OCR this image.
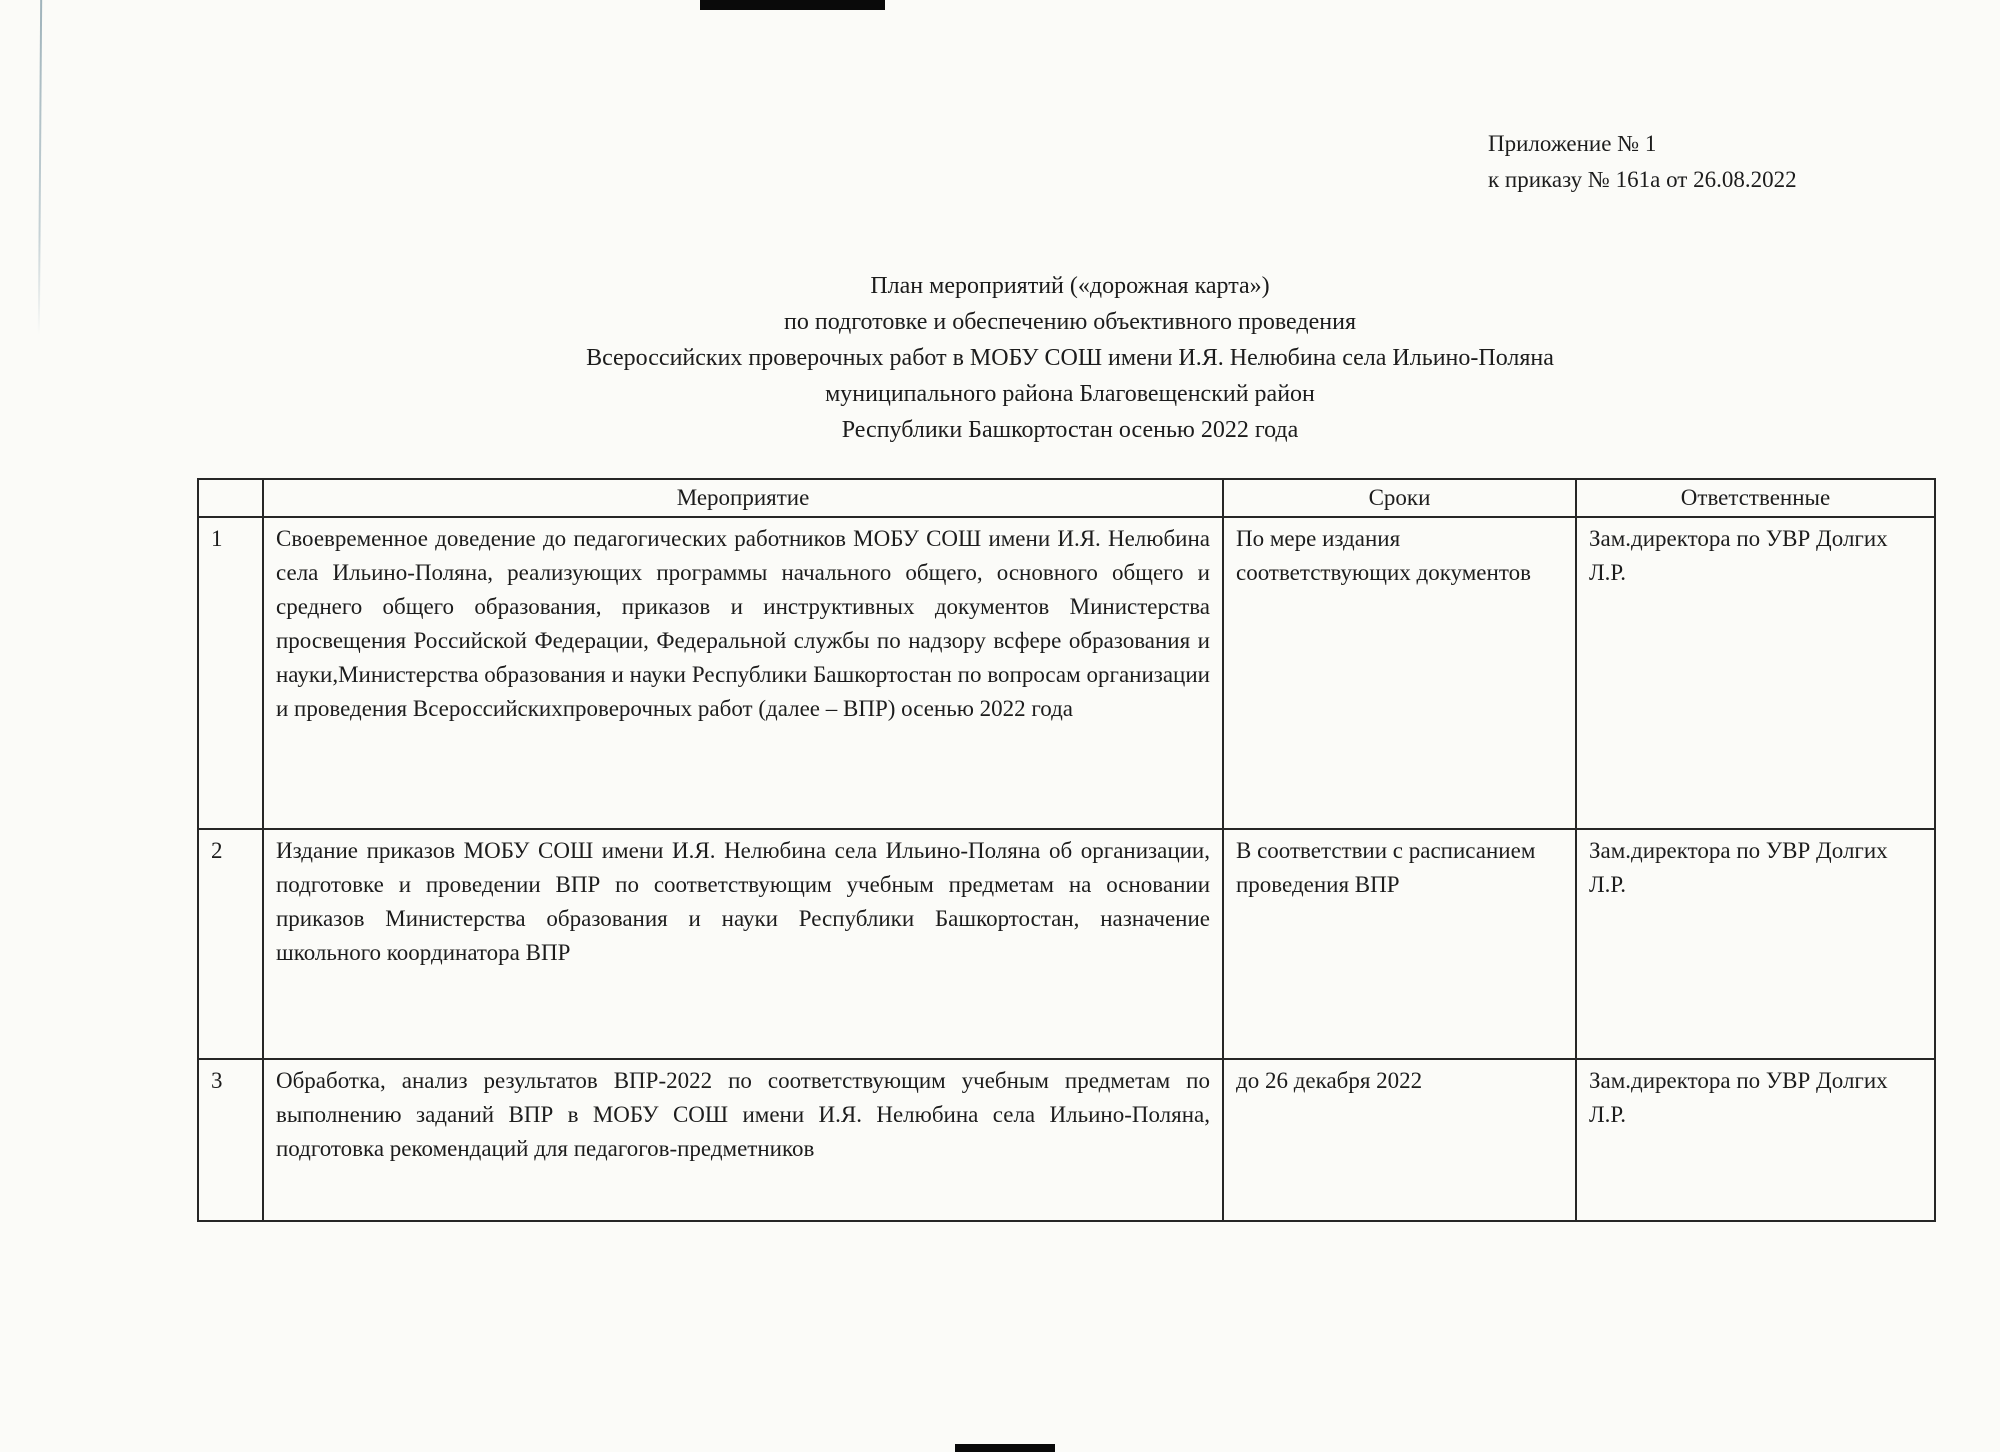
Приложение № 1
к приказу № 161а от 26.08.2022
План мероприятий («дорожная карта»)
по подготовке и обеспечению объективного проведения
Всероссийских проверочных работ в МОБУ СОШ имени И.Я. Нелюбина села Ильино-Поляна
муниципального района Благовещенский район
Республики Башкортостан осенью 2022 года
	Мероприятие	Сроки	Ответственные
1	Своевременное доведение до педагогических работников МОБУ СОШ имени И.Я. Нелюбина села Ильино-Поляна, реализующих программы начального общего, основного общего и среднего общего образования, приказов и инструктивных документов Министерства просвещения Российской Федерации, Федеральной службы по надзору всфере образования и науки,Министерства образования и науки Республики Башкортостан по вопросам организации и проведения Всероссийскихпроверочных работ (далее – ВПР) осенью 2022 года	По мере издания соответствующих документов	Зам.директора по УВР Долгих Л.Р.
2	Издание приказов МОБУ СОШ имени И.Я. Нелюбина села Ильино-Поляна об организации, подготовке и проведении ВПР по соответствующим учебным предметам на основании приказов Министерства образования и науки Республики Башкортостан, назначение школьного координатора ВПР	В соответствии с расписанием проведения ВПР	Зам.директора по УВР Долгих Л.Р.
3	Обработка, анализ результатов ВПР-2022 по соответствующим учебным предметам по выполнению заданий ВПР в МОБУ СОШ имени И.Я. Нелюбина села Ильино-Поляна, подготовка рекомендаций для педагогов-предметников	до 26 декабря 2022	Зам.директора по УВР Долгих Л.Р.
